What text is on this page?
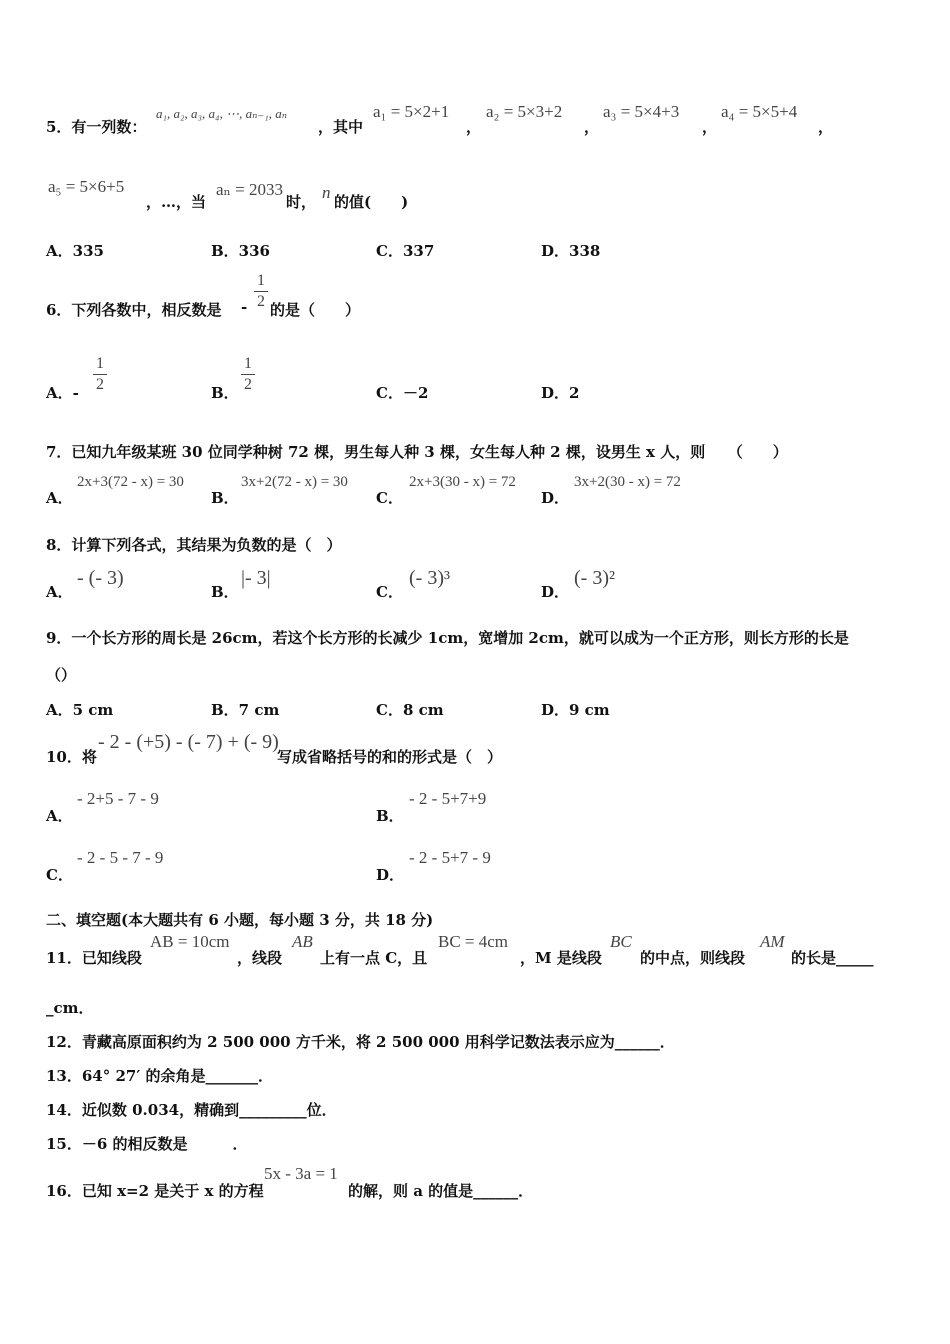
5．有一列数：
a₁, a₂, a₃, a₄, ⋯, aₙ₋₁, aₙ
，其中
a₁ = 5×2+1
，
a₂ = 5×3+2
，
a₃ = 5×4+3
，
a₄ = 5×5+4
，
a₅ = 5×6+5
，…，当
aₙ = 2033
时， n 的值(　　)
A．335	B．336	C．337	D．338
6．下列各数中，相反数是 -
1
2 的是（　　）
A．-
1
2	B．
1
2	C．－2	D．2
7．已知九年级某班 30 位同学种树 72 棵，男生每人种 3 棵，女生每人种 2 棵，设男生 x 人，则　　（　　）
A．
2x+3(72 - x) = 30
B．
3x+2(72 - x) = 30
C．
2x+3(30 - x) = 72
D．
3x+2(30 - x) = 72
8．计算下列各式，其结果为负数的是（　）
A．
- (- 3)
B．
|- 3|
C．
(- 3)³
D．
(- 3)²
9．一个长方形的周长是 26cm，若这个长方形的长减少 1cm，宽增加 2cm，就可以成为一个正方形，则长方形的长是
（）
A．5 cm	B．7 cm	C．8 cm	D．9 cm
10．将
- 2 - (+5) - (- 7) + (- 9)
写成省略括号的和的形式是（　）
A．
- 2+5 - 7 - 9
B．
- 2 - 5+7+9
C．
- 2 - 5 - 7 - 9
D．
- 2 - 5+7 - 9
二、填空题(本大题共有 6 小题，每小题 3 分，共 18 分)
11．已知线段
AB = 10cm
，线段
AB
上有一点 C，且
BC = 4cm
，M 是线段
BC
的中点，则线段
AM
的长是_____
_cm．
12．青藏高原面积约为 2 500 000 方千米，将 2 500 000 用科学记数法表示应为______．
13．64° 27′ 的余角是_______．
14．近似数 0.034，精确到_________位．
15．－6 的相反数是　　　．
16．已知 x=2 是关于 x 的方程
5x - 3a = 1
的解，则 a 的值是______．
